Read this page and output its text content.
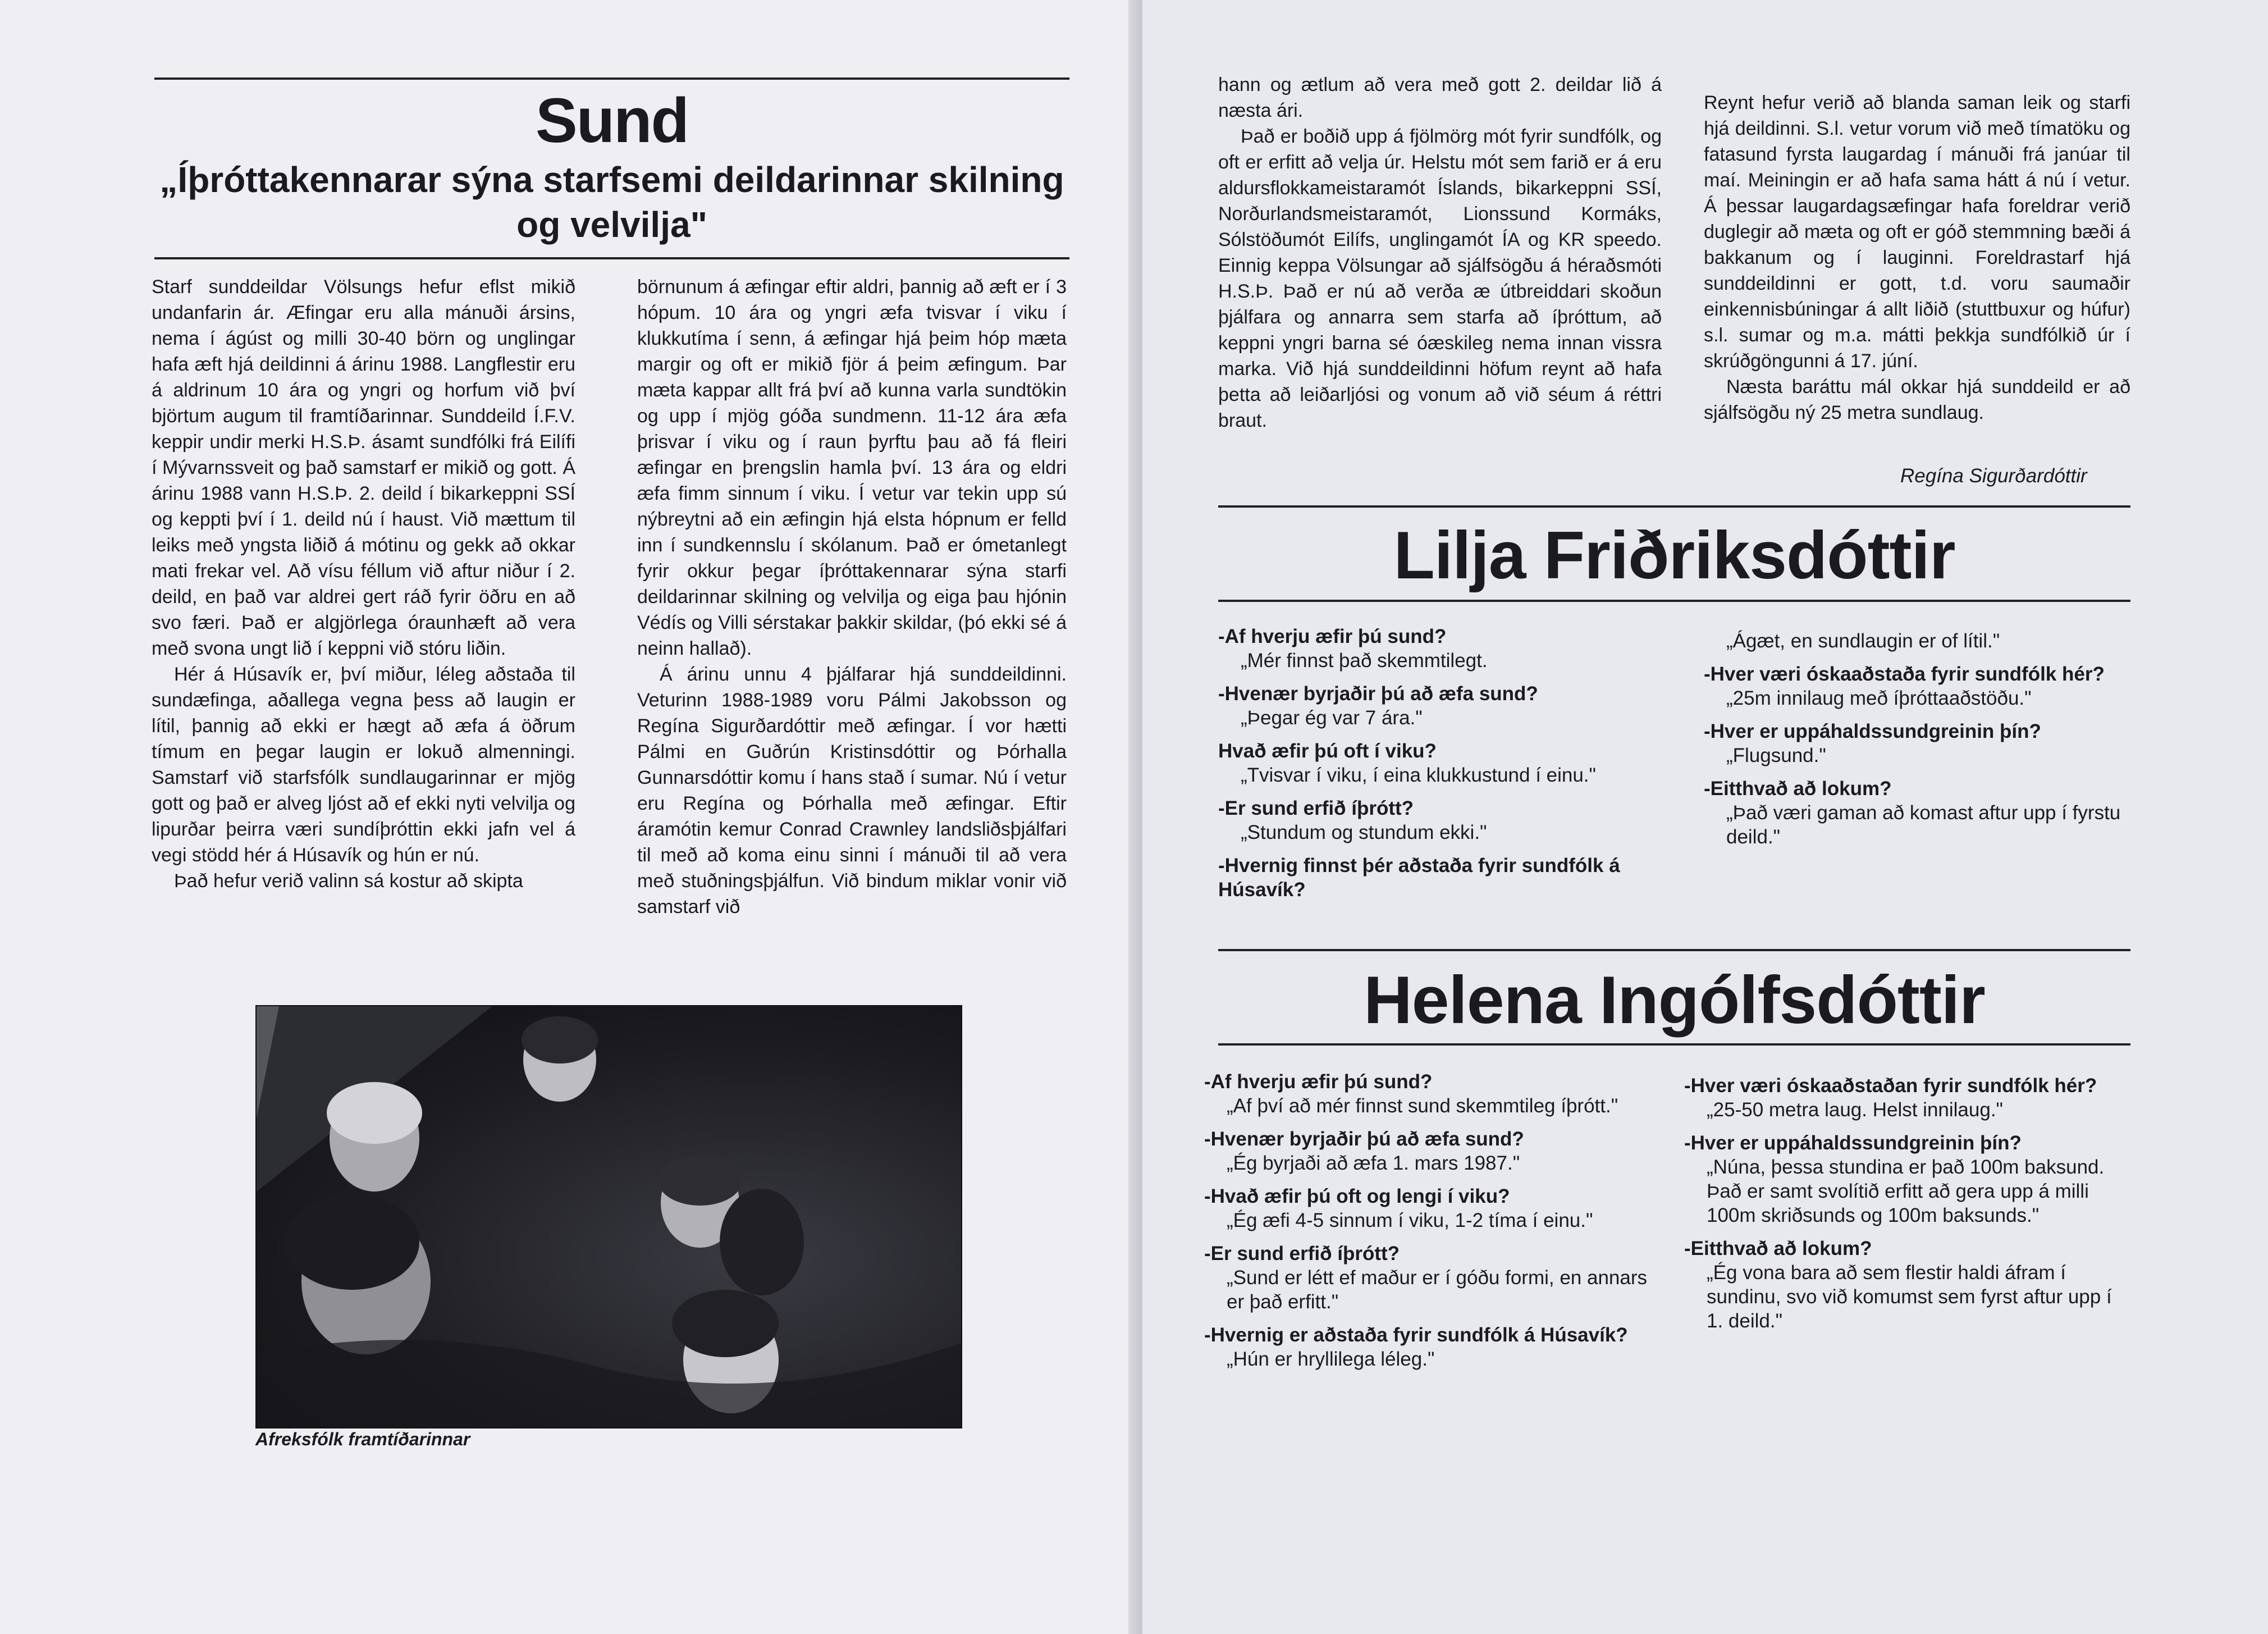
Sund
„Íþróttakennarar sýna starfsemi deildarinnar skilning og velvilja"

Starf sunddeildar Völsungs hefur eflst mikið undanfarin ár. Æfingar eru alla mánuði ársins, nema í ágúst og milli 30-40 börn og unglingar hafa æft hjá deildinni á árinu 1988. Langflestir eru á aldrinum 10 ára og yngri og horfum við því björtum augum til framtíðarinnar. Sunddeild Í.F.V. keppir undir merki H.S.Þ. ásamt sundfólki frá Eilífi í Mývarnssveit og það samstarf er mikið og gott. Á árinu 1988 vann H.S.Þ. 2. deild í bikarkeppni SSÍ og keppti því í 1. deild nú í haust. Við mættum til leiks með yngsta liðið á mótinu og gekk að okkar mati frekar vel. Að vísu féllum við aftur niður í 2. deild, en það var aldrei gert ráð fyrir öðru en að svo færi. Það er algjörlega óraunhæft að vera með svona ungt lið í keppni við stóru liðin.

Hér á Húsavík er, því miður, léleg aðstaða til sundæfinga, aðallega vegna þess að laugin er lítil, þannig að ekki er hægt að æfa á öðrum tímum en þegar laugin er lokuð almenningi. Samstarf við starfsfólk sundlaugarinnar er mjög gott og það er alveg ljóst að ef ekki nyti velvilja og lipurðar þeirra væri sundíþróttin ekki jafn vel á vegi stödd hér á Húsavík og hún er nú.

Það hefur verið valinn sá kostur að skipta

börnunum á æfingar eftir aldri, þannig að æft er í 3 hópum. 10 ára og yngri æfa tvisvar í viku í klukkutíma í senn, á æfingar hjá þeim hóp mæta margir og oft er mikið fjör á þeim æfingum. Þar mæta kappar allt frá því að kunna varla sundtökin og upp í mjög góða sundmenn. 11-12 ára æfa þrisvar í viku og í raun þyrftu þau að fá fleiri æfingar en þrengslin hamla því. 13 ára og eldri æfa fimm sinnum í viku. Í vetur var tekin upp sú nýbreytni að ein æfingin hjá elsta hópnum er felld inn í sundkennslu í skólanum. Það er ómetanlegt fyrir okkur þegar íþróttakennarar sýna starfi deildarinnar skilning og velvilja og eiga þau hjónin Védís og Villi sérstakar þakkir skildar, (þó ekki sé á neinn hallað).

Á árinu unnu 4 þjálfarar hjá sunddeildinni. Veturinn 1988-1989 voru Pálmi Jakobsson og Regína Sigurðardóttir með æfingar. Í vor hætti Pálmi en Guðrún Kristinsdóttir og Þórhalla Gunnarsdóttir komu í hans stað í sumar. Nú í vetur eru Regína og Þórhalla með æfingar. Eftir áramótin kemur Conrad Crawnley landsliðsþjálfari til með að koma einu sinni í mánuði til að vera með stuðningsþjálfun. Við bindum miklar vonir við samstarf við

Afreksfólk framtíðarinnar

hann og ætlum að vera með gott 2. deildar lið á næsta ári.

Það er boðið upp á fjölmörg mót fyrir sundfólk, og oft er erfitt að velja úr. Helstu mót sem farið er á eru aldursflokkameistaramót Íslands, bikarkeppni SSÍ, Norðurlandsmeistaramót, Lionssund Kormáks, Sólstöðumót Eilífs, unglingamót ÍA og KR speedo. Einnig keppa Völsungar að sjálfsögðu á héraðsmóti H.S.Þ. Það er nú að verða æ útbreiddari skoðun þjálfara og annarra sem starfa að íþróttum, að keppni yngri barna sé óæskileg nema innan vissra marka. Við hjá sunddeildinni höfum reynt að hafa þetta að leiðarljósi og vonum að við séum á réttri braut.

Reynt hefur verið að blanda saman leik og starfi hjá deildinni. S.l. vetur vorum við með tímatöku og fatasund fyrsta laugardag í mánuði frá janúar til maí. Meiningin er að hafa sama hátt á nú í vetur. Á þessar laugardagsæfingar hafa foreldrar verið duglegir að mæta og oft er góð stemmning bæði á bakkanum og í lauginni. Foreldrastarf hjá sunddeildinni er gott, t.d. voru saumaðir einkennisbúningar á allt liðið (stuttbuxur og húfur) s.l. sumar og m.a. mátti þekkja sundfólkið úr í skrúðgöngunni á 17. júní.

Næsta baráttu mál okkar hjá sunddeild er að sjálfsögðu ný 25 metra sundlaug.

Regína Sigurðardóttir
Lilja Friðriksdóttir
-Af hverju æfir þú sund?
„Mér finnst það skemmtilegt.
-Hvenær byrjaðir þú að æfa sund?
„Þegar ég var 7 ára."
Hvað æfir þú oft í viku?
„Tvisvar í viku, í eina klukkustund í einu."
-Er sund erfið íþrótt?
„Stundum og stundum ekki."
-Hvernig finnst þér aðstaða fyrir sundfólk á Húsavík?
„Ágæt, en sundlaugin er of lítil."
-Hver væri óskaaðstaða fyrir sundfólk hér?
„25m innilaug með íþróttaaðstöðu."
-Hver er uppáhaldssundgreinin þín?
„Flugsund."
-Eitthvað að lokum?
„Það væri gaman að komast aftur upp í fyrstu deild."
Helena Ingólfsdóttir
-Af hverju æfir þú sund?
„Af því að mér finnst sund skemmtileg íþrótt."
-Hvenær byrjaðir þú að æfa sund?
„Ég byrjaði að æfa 1. mars 1987."
-Hvað æfir þú oft og lengi í viku?
„Ég æfi 4-5 sinnum í viku, 1-2 tíma í einu."
-Er sund erfið íþrótt?
„Sund er létt ef maður er í góðu formi, en annars er það erfitt."
-Hvernig er aðstaða fyrir sundfólk á Húsavík?
„Hún er hryllilega léleg."
-Hver væri óskaaðstaðan fyrir sundfólk hér?
„25-50 metra laug. Helst innilaug."
-Hver er uppáhaldssundgreinin þín?
„Núna, þessa stundina er það 100m baksund. Það er samt svolítið erfitt að gera upp á milli 100m skriðsunds og 100m baksunds."
-Eitthvað að lokum?
„Ég vona bara að sem flestir haldi áfram í sundinu, svo við komumst sem fyrst aftur upp í 1. deild."
